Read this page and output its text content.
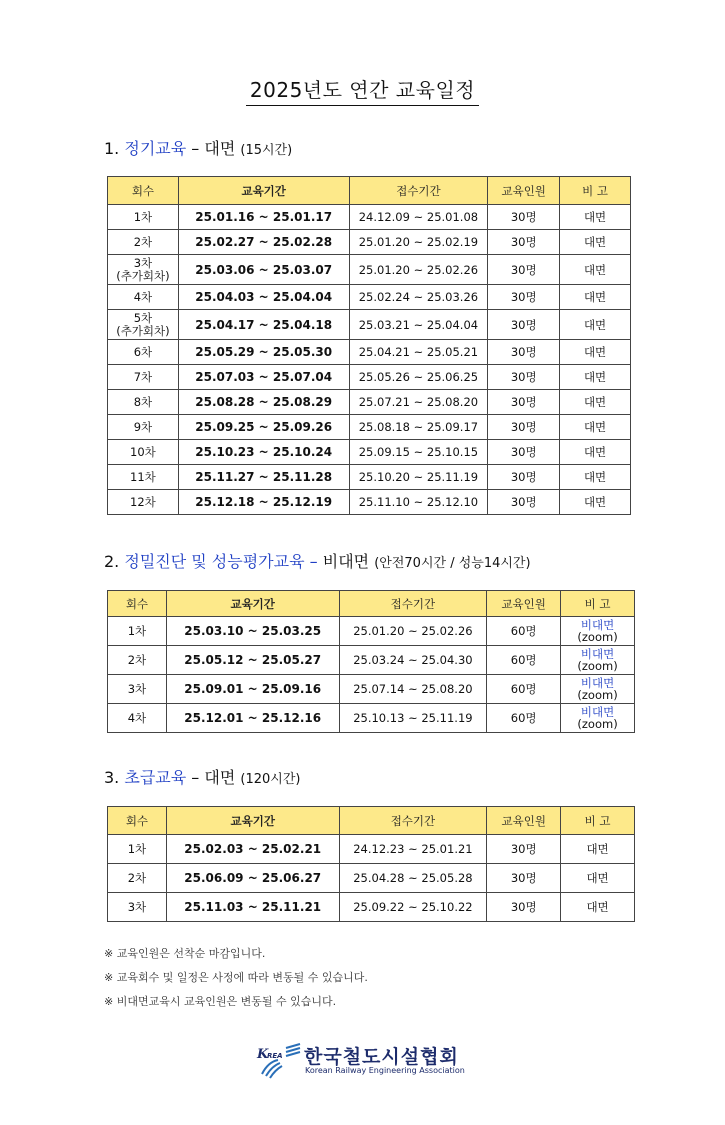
2025년도 연간 교육일정
1. 정기교육 – 대면 (15시간)
회수	교육기간	접수기간	교육인원	비 고

1차	25.01.16 ~ 25.01.17	24.12.09 ~ 25.01.08	30명	대면

2차	25.02.27 ~ 25.02.28	25.01.20 ~ 25.02.19	30명	대면

3차
(추가회차)	25.03.06 ~ 25.03.07	25.01.20 ~ 25.02.26	30명	대면

4차	25.04.03 ~ 25.04.04	25.02.24 ~ 25.03.26	30명	대면

5차
(추가회차)	25.04.17 ~ 25.04.18	25.03.21 ~ 25.04.04	30명	대면

6차	25.05.29 ~ 25.05.30	25.04.21 ~ 25.05.21	30명	대면

7차	25.07.03 ~ 25.07.04	25.05.26 ~ 25.06.25	30명	대면

8차	25.08.28 ~ 25.08.29	25.07.21 ~ 25.08.20	30명	대면

9차	25.09.25 ~ 25.09.26	25.08.18 ~ 25.09.17	30명	대면

10차	25.10.23 ~ 25.10.24	25.09.15 ~ 25.10.15	30명	대면

11차	25.11.27 ~ 25.11.28	25.10.20 ~ 25.11.19	30명	대면

12차	25.12.18 ~ 25.12.19	25.11.10 ~ 25.12.10	30명	대면
2. 정밀진단 및 성능평가교육 – 비대면 (안전70시간 / 성능14시간)
회수	교육기간	접수기간	교육인원	비 고
1차	25.03.10 ~ 25.03.25	25.01.20 ~ 25.02.26	60명	비대면
(zoom)

2차	25.05.12 ~ 25.05.27	25.03.24 ~ 25.04.30	60명	비대면
(zoom)

3차	25.09.01 ~ 25.09.16	25.07.14 ~ 25.08.20	60명	비대면
(zoom)

4차	25.12.01 ~ 25.12.16	25.10.13 ~ 25.11.19	60명	비대면
(zoom)
3. 초급교육 – 대면 (120시간)
회수	교육기간	접수기간	교육인원	비 고
1차	25.02.03 ~ 25.02.21	24.12.23 ~ 25.01.21	30명	대면
2차	25.06.09 ~ 25.06.27	25.04.28 ~ 25.05.28	30명	대면
3차	25.11.03 ~ 25.11.21	25.09.22 ~ 25.10.22	30명	대면
※ 교육인원은 선착순 마감입니다.
※ 교육회수 및 일정은 사정에 따라 변동될 수 있습니다.
※ 비대면교육시 교육인원은 변동될 수 있습니다.
K
REA 한국철도시설협회
Korean Railway Engineering Association
